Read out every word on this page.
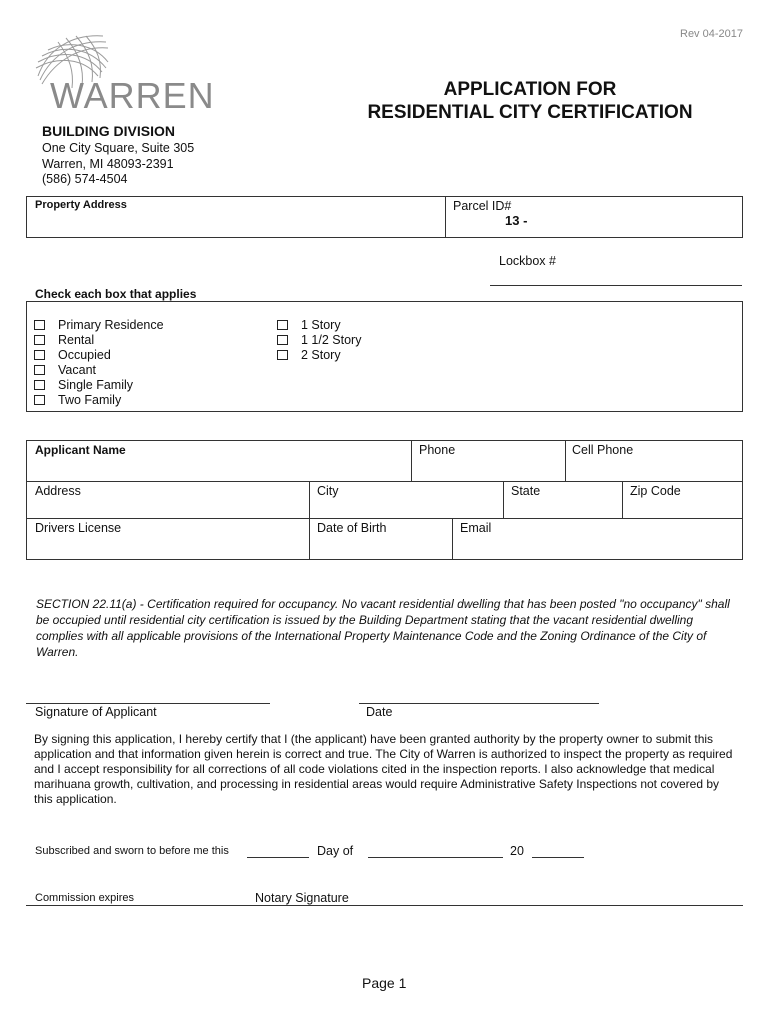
Rev 04-2017
WARREN	APPLICATION FOR
RESIDENTIAL CITY CERTIFICATION
BUILDING DIVISION
One City Square, Suite 305
Warren, MI 48093-2391
(586) 574-4504
Property Address	Parcel ID#
13 -
Lockbox #
Check each box that applies
Primary Residence
Rental
Occupied
Vacant
Single Family
Two Family
1 Story
1 1/2 Story
2 Story
Applicant Name	Phone	Cell Phone
Address	City	State	Zip Code
Drivers License	Date of Birth	Email
SECTION 22.11(a) - Certification required for occupancy. No vacant residential dwelling that has been posted "no occupancy" shall be occupied until residential city certification is issued by the Building Department stating that the vacant residential dwelling complies with all applicable provisions of the International Property Maintenance Code and the Zoning Ordinance of the City of Warren.
Signature of Applicant	Date
By signing this application, I hereby certify that I (the applicant) have been granted authority by the property owner to submit this application and that information given herein is correct and true. The City of Warren is authorized to inspect the property as required and I accept responsibility for all corrections of all code violations cited in the inspection reports. I also acknowledge that medical marihuana growth, cultivation, and processing in residential areas would require Administrative Safety Inspections not covered by this application.
Subscribed and sworn to before me this	Day of	20
Commission expires	Notary Signature
Page 1
